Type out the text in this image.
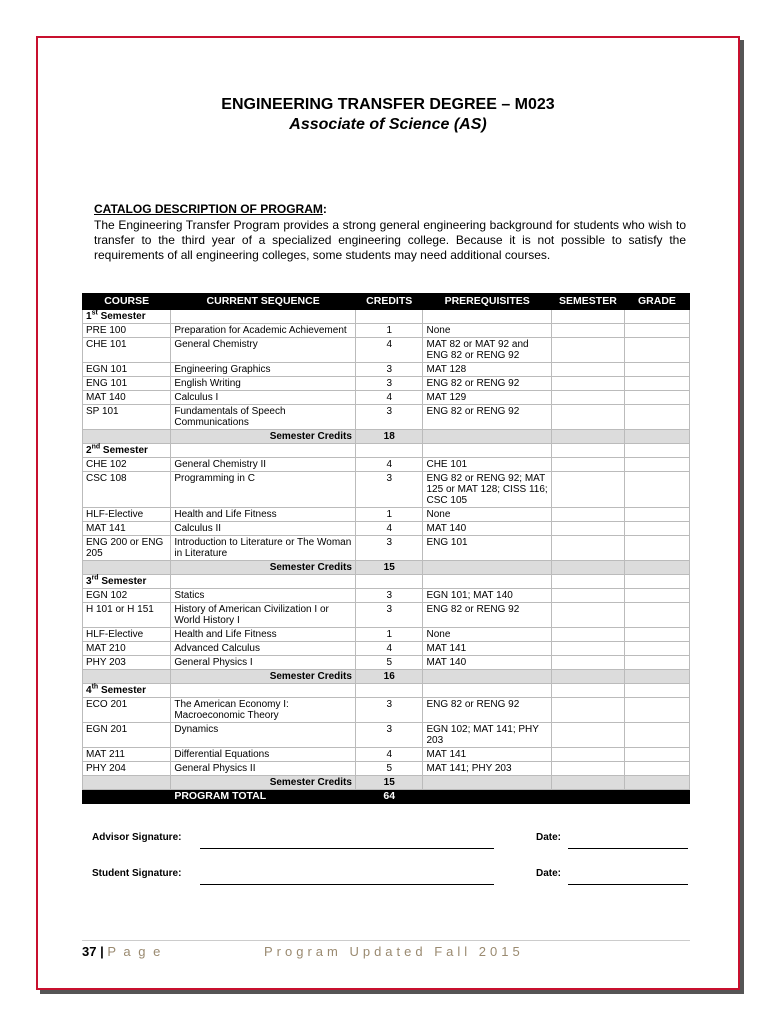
ENGINEERING TRANSFER DEGREE – M023
Associate of Science (AS)
CATALOG DESCRIPTION OF PROGRAM:
The Engineering Transfer Program provides a strong general engineering background for students who wish to transfer to the third year of a specialized engineering college. Because it is not possible to satisfy the requirements of all engineering colleges, some students may need additional courses.
COURSE	CURRENT SEQUENCE	CREDITS	PREREQUISITES	SEMESTER	GRADE
1st Semester					
PRE 100	Preparation for Academic Achievement	1	None		
CHE 101	General Chemistry	4	MAT 82 or MAT 92 and ENG 82 or RENG 92		
EGN 101	Engineering Graphics	3	MAT 128		
ENG 101	English Writing	3	ENG 82 or RENG 92		
MAT 140	Calculus I	4	MAT 129		
SP 101	Fundamentals of Speech Communications	3	ENG 82 or RENG 92		
	Semester Credits	18			
2nd Semester					
CHE 102	General Chemistry II	4	CHE 101		
CSC 108	Programming in C	3	ENG 82 or RENG 92; MAT 125 or MAT 128; CISS 116; CSC 105		
HLF-Elective	Health and Life Fitness	1	None		
MAT 141	Calculus II	4	MAT 140		
ENG 200 or ENG 205	Introduction to Literature or The Woman in Literature	3	ENG 101		
	Semester Credits	15			
3rd Semester					
EGN 102	Statics	3	EGN 101; MAT 140		
H 101 or H 151	History of American Civilization I or World History I	3	ENG 82 or RENG 92		
HLF-Elective	Health and Life Fitness	1	None		
MAT 210	Advanced Calculus	4	MAT 141		
PHY 203	General Physics I	5	MAT 140		
	Semester Credits	16			
4th Semester					
ECO 201	The American Economy I: Macroeconomic Theory	3	ENG 82 or RENG 92		
EGN 201	Dynamics	3	EGN 102; MAT 141; PHY 203		
MAT 211	Differential Equations	4	MAT 141		
PHY 204	General Physics II	5	MAT 141; PHY 203		
	Semester Credits	15			
	PROGRAM TOTAL	64			
Advisor Signature:	Date:
Student Signature:	Date:
37 | P a g e	Program Updated Fall 2015
